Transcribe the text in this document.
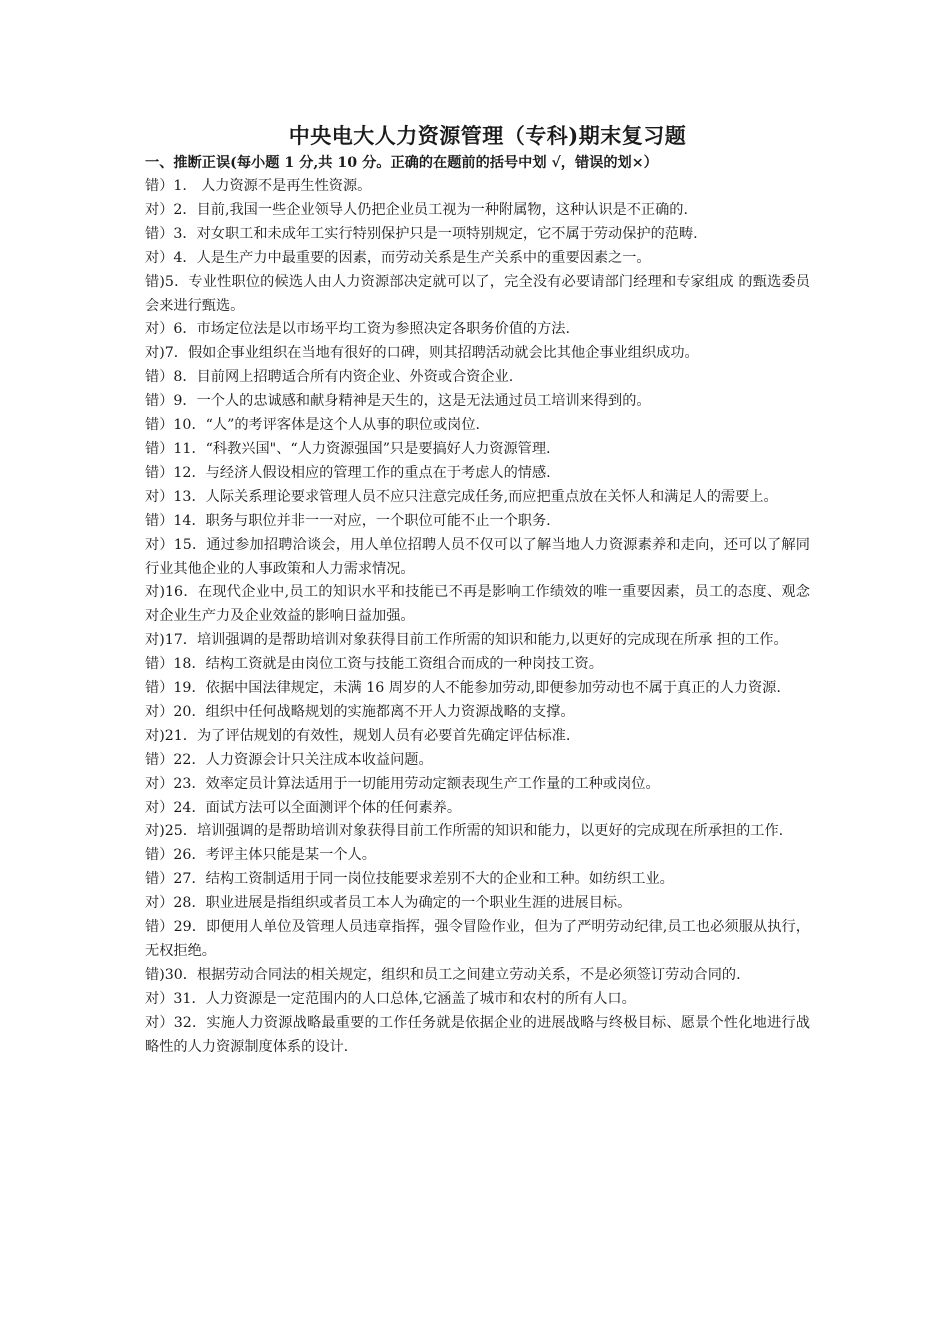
中央电大人力资源管理（专科)期末复习题

一、推断正误(每小题 1 分,共 10 分。正确的在题前的括号中划 √，错误的划×）

错）1.　人力资源不是再生性资源。

对）2．目前,我国一些企业领导人仍把企业员工视为一种附属物，这种认识是不正确的.

错）3．对女职工和未成年工实行特别保护只是一项特别规定，它不属于劳动保护的范畴.

对）4．人是生产力中最重要的因素，而劳动关系是生产关系中的重要因素之一。

错)5．专业性职位的候选人由人力资源部决定就可以了，完全没有必要请部门经理和专家组成 的甄选委员会来进行甄选。

对）6．市场定位法是以市场平均工资为参照决定各职务价值的方法.

对)7．假如企事业组织在当地有很好的口碑，则其招聘活动就会比其他企事业组织成功。

错）8．目前网上招聘适合所有内资企业、外资或合资企业.

错）9．一个人的忠诚感和献身精神是天生的，这是无法通过员工培训来得到的。

错）10．“人”的考评客体是这个人从事的职位或岗位.

错）11．“科教兴国"、“人力资源强国”只是要搞好人力资源管理.

错）12．与经济人假设相应的管理工作的重点在于考虑人的情感.

对）13．人际关系理论要求管理人员不应只注意完成任务,而应把重点放在关怀人和满足人的需要上。

错）14．职务与职位并非一一对应，一个职位可能不止一个职务.

对）15．通过参加招聘洽谈会，用人单位招聘人员不仅可以了解当地人力资源素养和走向，还可以了解同行业其他企业的人事政策和人力需求情况。

对)16．在现代企业中,员工的知识水平和技能已不再是影响工作绩效的唯一重要因素，员工的态度、观念对企业生产力及企业效益的影响日益加强。

对)17．培训强调的是帮助培训对象获得目前工作所需的知识和能力,以更好的完成现在所承 担的工作。

错）18．结构工资就是由岗位工资与技能工资组合而成的一种岗技工资。

错）19．依据中国法律规定，未满 16 周岁的人不能参加劳动,即便参加劳动也不属于真正的人力资源.

对）20．组织中任何战略规划的实施都离不开人力资源战略的支撑。

对)21．为了评估规划的有效性，规划人员有必要首先确定评估标准.

错）22．人力资源会计只关注成本收益问题。

对）23．效率定员计算法适用于一切能用劳动定额表现生产工作量的工种或岗位。

对）24．面试方法可以全面测评个体的任何素养。

对)25．培训强调的是帮助培训对象获得目前工作所需的知识和能力，以更好的完成现在所承担的工作.

错）26．考评主体只能是某一个人。

错）27．结构工资制适用于同一岗位技能要求差别不大的企业和工种。如纺织工业。

对）28．职业进展是指组织或者员工本人为确定的一个职业生涯的进展目标。

错）29．即便用人单位及管理人员违章指挥，强令冒险作业，但为了严明劳动纪律,员工也必须服从执行，无权拒绝。

错)30．根据劳动合同法的相关规定，组织和员工之间建立劳动关系，不是必须签订劳动合同的.

对）31．人力资源是一定范围内的人口总体,它涵盖了城市和农村的所有人口。

对）32．实施人力资源战略最重要的工作任务就是依据企业的进展战略与终极目标、愿景个性化地进行战略性的人力资源制度体系的设计.
